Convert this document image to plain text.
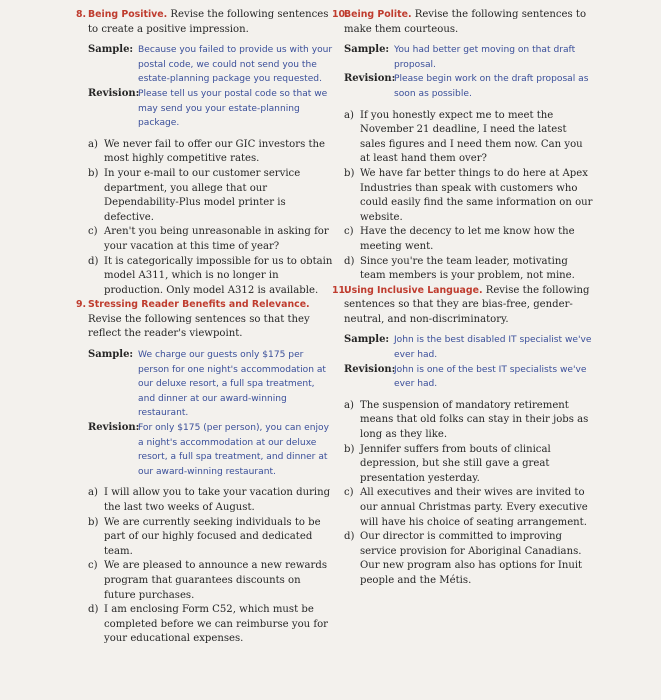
8. Being Positive. Revise the following sentences to create a positive impression.
Sample: Because you failed to provide us with your postal code, we could not send you the estate-planning package you requested.
Revision:
Please tell us your postal code so that we may send you your estate-planning package.
a) We never fail to offer our GIC investors the most highly competitive rates.
b) In your e-mail to our customer service department, you allege that our Dependability-Plus model printer is defective.
c) Aren't you being unreasonable in asking for your vacation at this time of year?
d) It is categorically impossible for us to obtain model A311, which is no longer in production. Only model A312 is available.
9. Stressing Reader Benefits and Relevance. Revise the following sentences so that they reflect the reader's viewpoint.
Sample: We charge our guests only $175 per person for one night's accommodation at our deluxe resort, a full spa treatment, and dinner at our award-winning restaurant.
Revision:
For only $175 (per person), you can enjoy a night's accommodation at our deluxe resort, a full spa treatment, and dinner at our award-winning restaurant.
a) I will allow you to take your vacation during the last two weeks of August.
b) We are currently seeking individuals to be part of our highly focused and dedicated team.
c) We are pleased to announce a new rewards program that guarantees discounts on future purchases.
d) I am enclosing Form C52, which must be completed before we can reimburse you for your educational expenses.
10.Being Polite. Revise the following sentences to make them courteous.
Sample: You had better get moving on that draft proposal.
Revision:
Please begin work on the draft proposal as soon as possible.
a) If you honestly expect me to meet the November 21 deadline, I need the latest sales figures and I need them now. Can you at least hand them over?
b) We have far better things to do here at Apex Industries than speak with customers who could easily find the same information on our website.
c) Have the decency to let me know how the meeting went.
d) Since you're the team leader, motivating team members is your problem, not mine.
11.Using Inclusive Language. Revise the following sentences so that they are bias-free, gender-neutral, and non-discriminatory.
Sample: John is the best disabled IT specialist we've ever had.
Revision:
John is one of the best IT specialists we've ever had.
a) The suspension of mandatory retirement means that old folks can stay in their jobs as long as they like.
b) Jennifer suffers from bouts of clinical depression, but she still gave a great presentation yesterday.
c) All executives and their wives are invited to our annual Christmas party. Every executive will have his choice of seating arrangement.
d) Our director is committed to improving service provision for Aboriginal Canadians. Our new program also has options for Inuit people and the Métis.
